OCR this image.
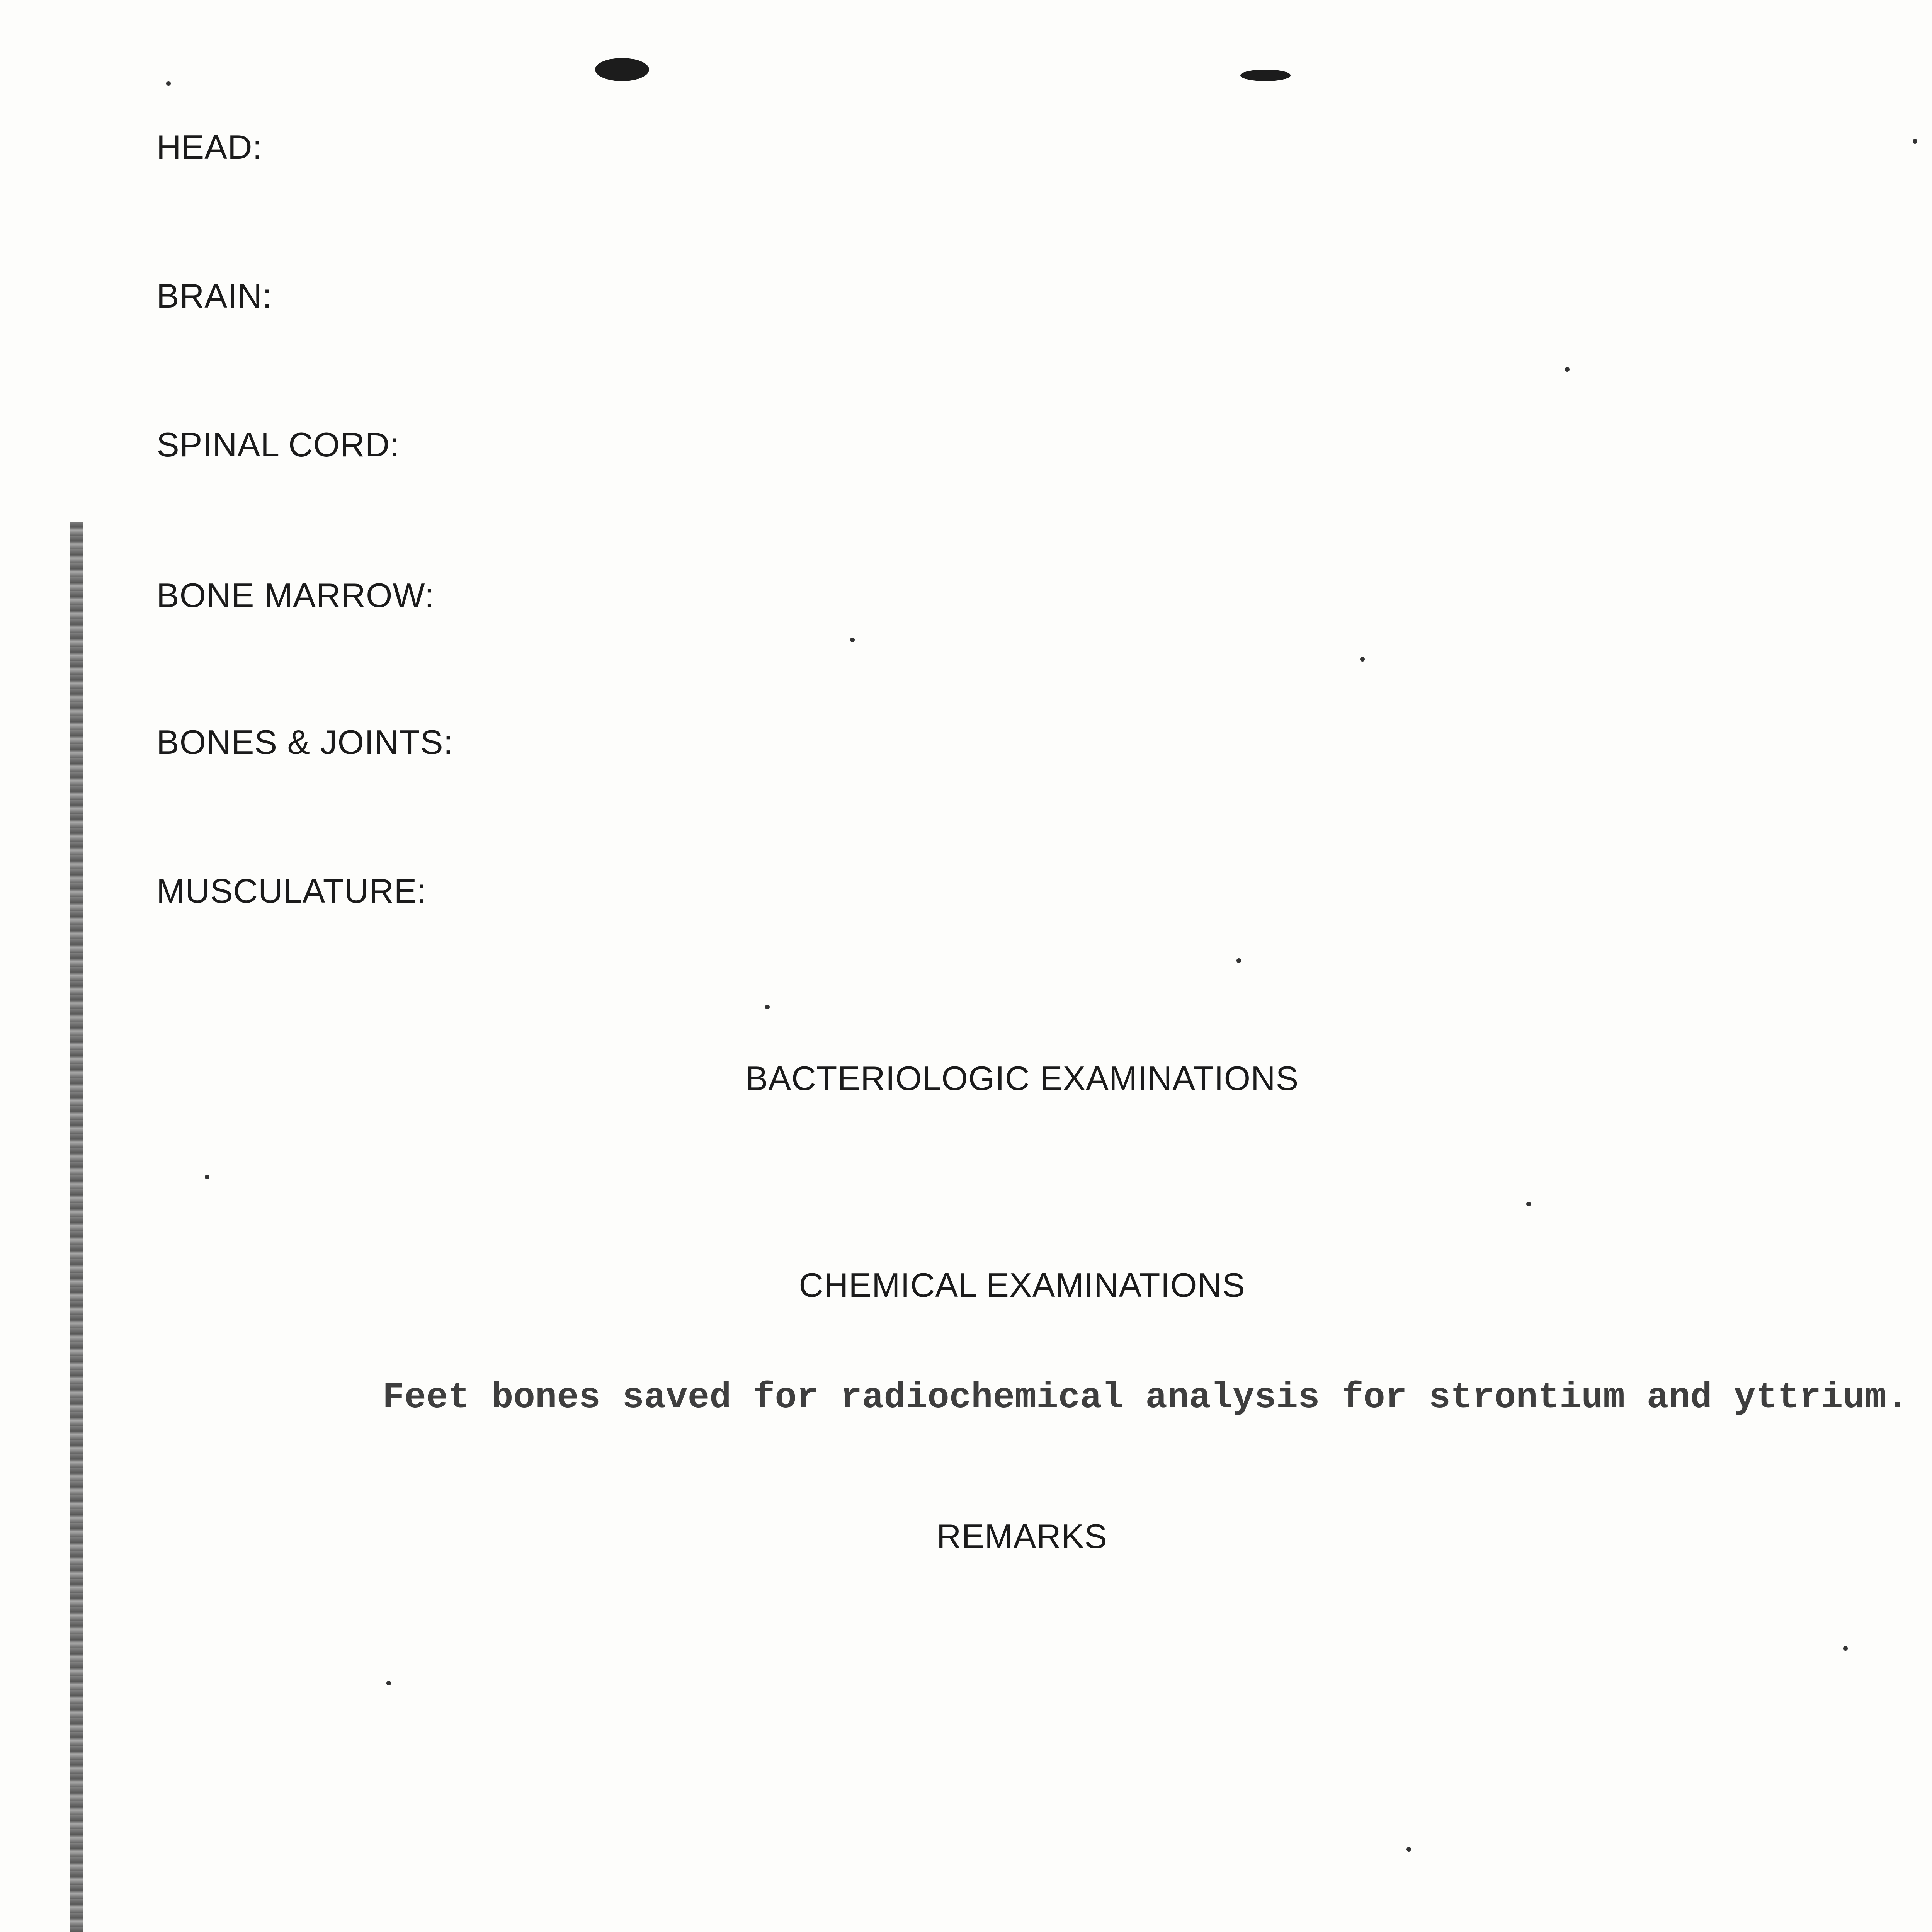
HEAD:
BRAIN:
SPINAL CORD:
BONE MARROW:
BONES & JOINTS:
MUSCULATURE:
BACTERIOLOGIC EXAMINATIONS
CHEMICAL EXAMINATIONS
Feet bones saved for radiochemical analysis for strontium and yttrium.
REMARKS
